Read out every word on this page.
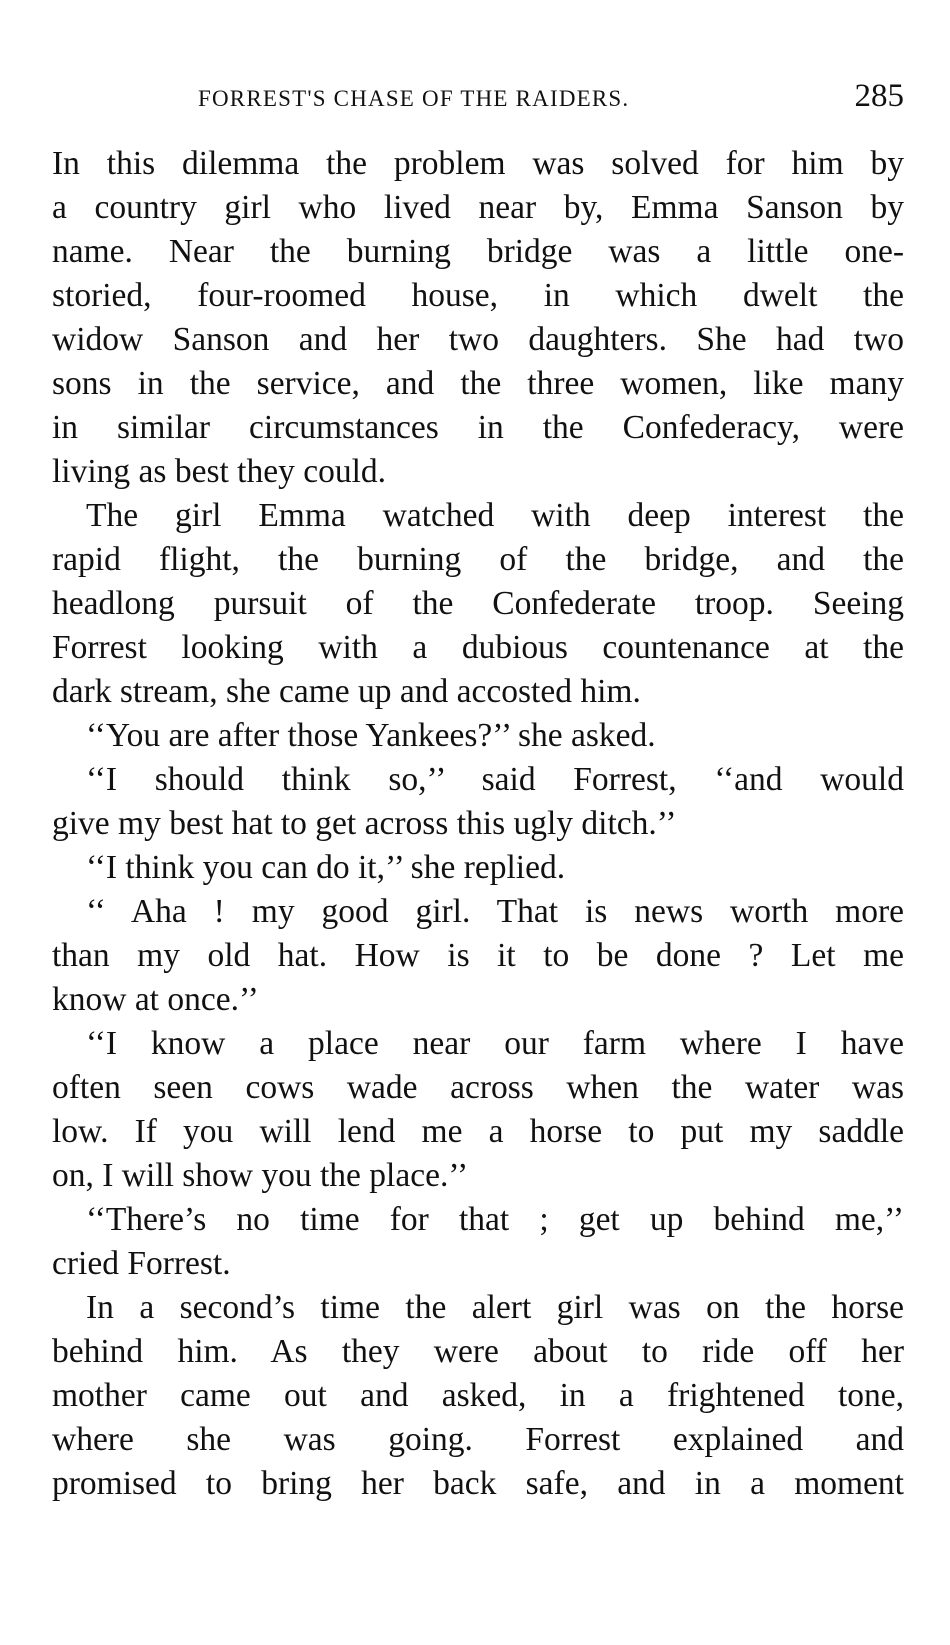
FORREST'S CHASE OF THE RAIDERS.	285
In this dilemma the problem was solved for him by
a country girl who lived near by, Emma Sanson by
name. Near the burning bridge was a little one-
storied, four-roomed house, in which dwelt the
widow Sanson and her two daughters. She had two
sons in the service, and the three women, like many
in similar circumstances in the Confederacy, were
living as best they could.
The girl Emma watched with deep interest the
rapid flight, the burning of the bridge, and the
headlong pursuit of the Confederate troop. Seeing
Forrest looking with a dubious countenance at the
dark stream, she came up and accosted him.
‘‘You are after those Yankees?’’ she asked.
‘‘I should think so,’’ said Forrest, ‘‘and would
give my best hat to get across this ugly ditch.’’
‘‘I think you can do it,’’ she replied.
‘‘ Aha ! my good girl. That is news worth more
than my old hat. How is it to be done ? Let me
know at once.’’
‘‘I know a place near our farm where I have
often seen cows wade across when the water was
low. If you will lend me a horse to put my saddle
on, I will show you the place.’’
‘‘There’s no time for that ; get up behind me,’’
cried Forrest.
In a second’s time the alert girl was on the horse
behind him. As they were about to ride off her
mother came out and asked, in a frightened tone,
where she was going. Forrest explained and
promised to bring her back safe, and in a moment
